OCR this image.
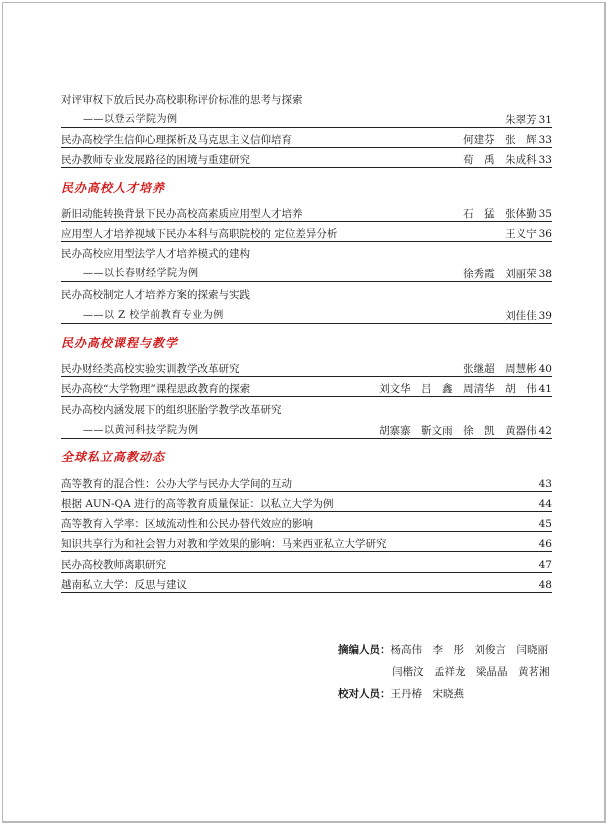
对评审权下放后民办高校职称评价标准的思考与探索
——以登云学院为例	朱翠芳 31
民办高校学生信仰心理探析及马克思主义信仰培育	何建芬　张　辉 33
民办教师专业发展路径的困境与重建研究	荀　禹　朱成科 33
民办高校人才培养
新旧动能转换背景下民办高校高素质应用型人才培养	石　猛　张体勤 35
应用型人才培养视域下民办本科与高职院校的 定位差异分析	王义宁 36
民办高校应用型法学人才培养模式的建构
——以长春财经学院为例	徐秀霞　刘丽荣 38
民办高校制定人才培养方案的探索与实践
——以 Z 校学前教育专业为例	刘佳佳 39
民办高校课程与教学
民办财经类高校实验实训教学改革研究	张继超　周慧彬 40
民办高校“大学物理”课程思政教育的探索	刘文华　吕　鑫　周清华　胡　伟 41
民办高校内涵发展下的组织胚胎学教学改革研究
——以黄河科技学院为例	胡寨寨　靳文雨　徐　凯　黄器伟 42
全球私立高教动态
高等教育的混合性：公办大学与民办大学间的互动	43
根据 AUN-QA 进行的高等教育质量保证：以私立大学为例	44
高等教育入学率：区域流动性和公民办替代效应的影响	45
知识共享行为和社会智力对教和学效果的影响：马来西亚私立大学研究	46
民办高校教师离职研究	47
越南私立大学：反思与建议	48
摘编人员：杨高伟　李　彤　刘俊言　闫晓丽
闫楷汶　孟祥龙　梁晶晶　黄茗湘
校对人员：王丹椿　宋晓燕
